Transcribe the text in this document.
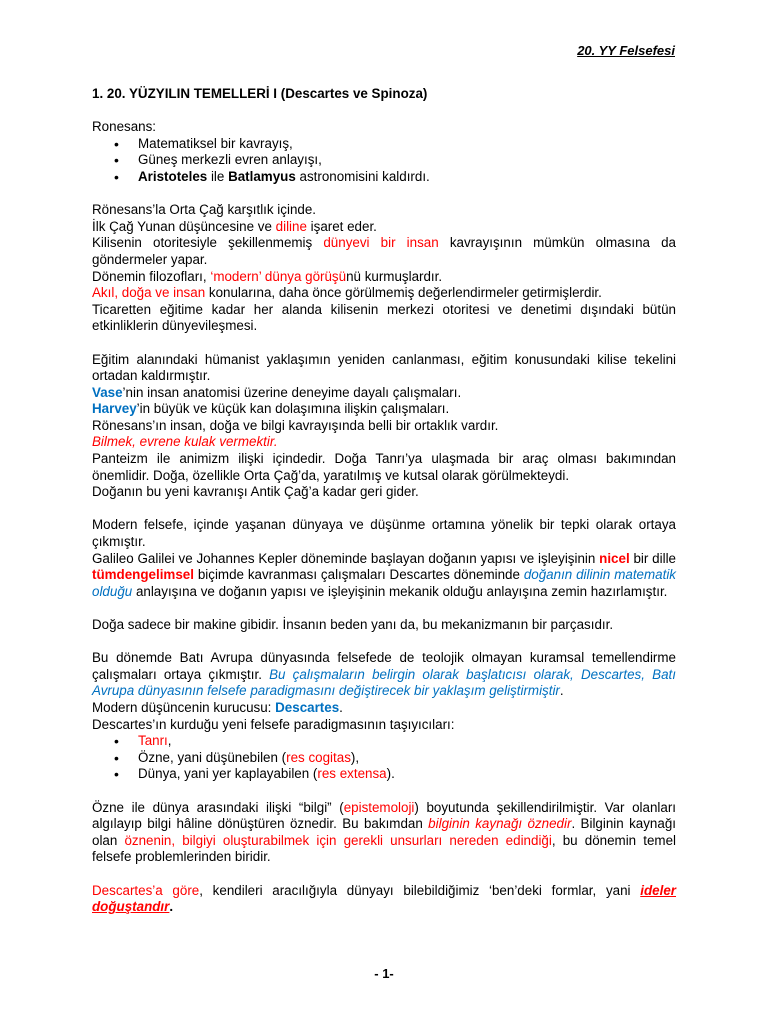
20. YY Felsefesi

1. 20. YÜZYILIN TEMELLERİ I (Descartes ve Spinoza)

Ronesans:

• Matematiksel bir kavrayış,
• Güneş merkezli evren anlayışı,
• Aristoteles ile Batlamyus astronomisini kaldırdı.

Rönesans’la Orta Çağ karşıtlık içinde.

İlk Çağ Yunan düşüncesine ve diline işaret eder.

Kilisenin otoritesiyle şekillenmemiş dünyevi bir insan kavrayışının mümkün olmasına da göndermeler yapar.

Dönemin filozofları, ‘modern’ dünya görüşünü kurmuşlardır.

Akıl, doğa ve insan konularına, daha önce görülmemiş değerlendirmeler getirmişlerdir.

Ticaretten eğitime kadar her alanda kilisenin merkezi otoritesi ve denetimi dışındaki bütün etkinliklerin dünyevileşmesi.

Eğitim alanındaki hümanist yaklaşımın yeniden canlanması, eğitim konusundaki kilise tekelini ortadan kaldırmıştır.

Vase’nin insan anatomisi üzerine deneyime dayalı çalışmaları.

Harvey’in büyük ve küçük kan dolaşımına ilişkin çalışmaları.

Rönesans’ın insan, doğa ve bilgi kavrayışında belli bir ortaklık vardır.

Bilmek, evrene kulak vermektir.

Panteizm ile animizm ilişki içindedir. Doğa Tanrı’ya ulaşmada bir araç olması bakımından önemlidir. Doğa, özellikle Orta Çağ’da, yaratılmış ve kutsal olarak görülmekteydi.

Doğanın bu yeni kavranışı Antik Çağ’a kadar geri gider.

Modern felsefe, içinde yaşanan dünyaya ve düşünme ortamına yönelik bir tepki olarak ortaya çıkmıştır.

Galileo Galilei ve Johannes Kepler döneminde başlayan doğanın yapısı ve işleyişinin nicel bir dille tümdengelimsel biçimde kavranması çalışmaları Descartes döneminde doğanın dilinin matematik olduğu anlayışına ve doğanın yapısı ve işleyişinin mekanik olduğu anlayışına zemin hazırlamıştır.

Doğa sadece bir makine gibidir. İnsanın beden yanı da, bu mekanizmanın bir parçasıdır.

Bu dönemde Batı Avrupa dünyasında felsefede de teolojik olmayan kuramsal temellendirme çalışmaları ortaya çıkmıştır. Bu çalışmaların belirgin olarak başlatıcısı olarak, Descartes, Batı Avrupa dünyasının felsefe paradigmasını değiştirecek bir yaklaşım geliştirmiştir.

Modern düşüncenin kurucusu: Descartes.

Descartes’ın kurduğu yeni felsefe paradigmasının taşıyıcıları:

• Tanrı,
• Özne, yani düşünebilen (res cogitas),
• Dünya, yani yer kaplayabilen (res extensa).

Özne ile dünya arasındaki ilişki “bilgi” (epistemoloji) boyutunda şekillendirilmiştir. Var olanları algılayıp bilgi hâline dönüştüren öznedir. Bu bakımdan bilginin kaynağı öznedir. Bilginin kaynağı olan öznenin, bilgiyi oluşturabilmek için gerekli unsurları nereden edindiği, bu dönemin temel felsefe problemlerinden biridir.

Descartes’a göre, kendileri aracılığıyla dünyayı bilebildiğimiz ‘ben’deki formlar, yani ideler doğuştandır.

- 1-
